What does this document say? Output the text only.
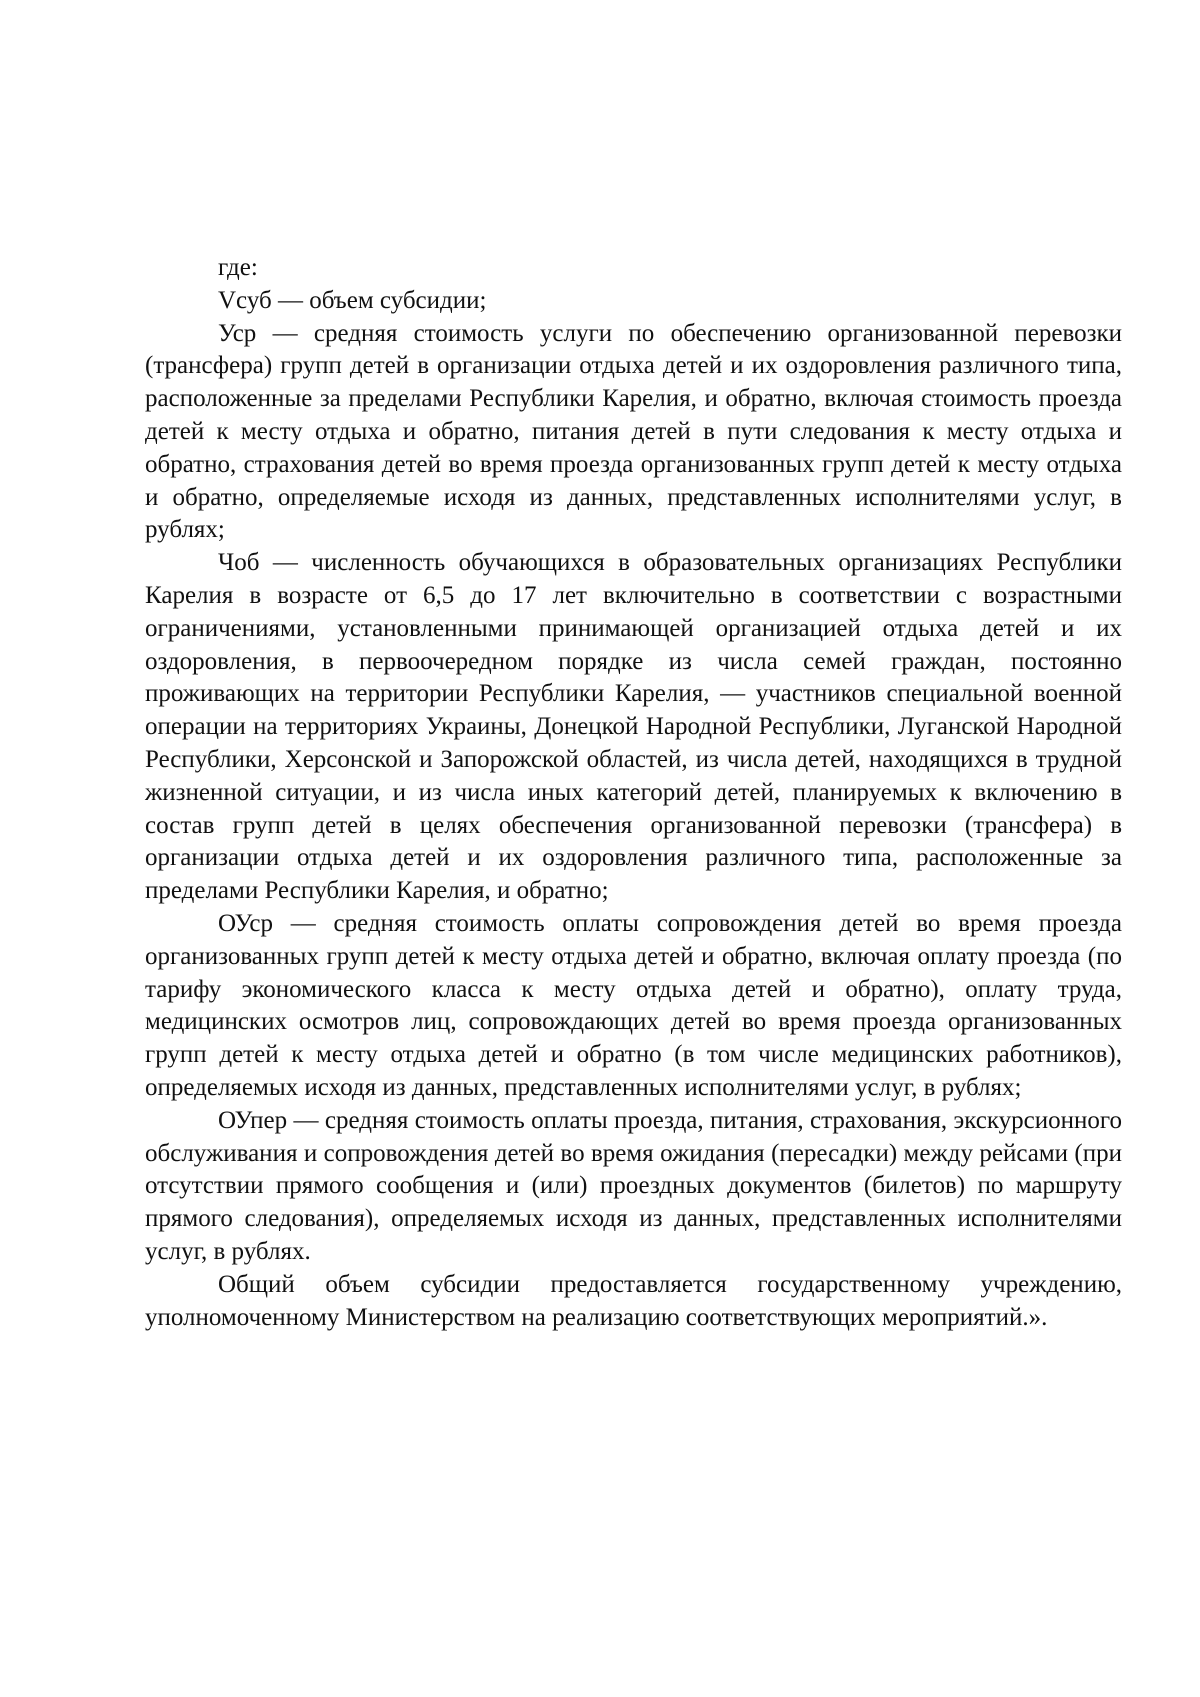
где:

Vсуб — объем субсидии;

Уср — средняя стоимость услуги по обеспечению организованной перевозки (трансфера) групп детей в организации отдыха детей и их оздоровления различного типа, расположенные за пределами Республики Карелия, и обратно, включая стоимость проезда детей к месту отдыха и обратно, питания детей в пути следования к месту отдыха и обратно, страхования детей во время проезда организованных групп детей к месту отдыха и обратно, определяемые исходя из данных, представленных исполнителями услуг, в рублях;

Чоб — численность обучающихся в образовательных организациях Республики Карелия в возрасте от 6,5 до 17 лет включительно в соответствии с возрастными ограничениями, установленными принимающей организацией отдыха детей и их оздоровления, в первоочередном порядке из числа семей граждан, постоянно проживающих на территории Республики Карелия, — участников специальной военной операции на территориях Украины, Донецкой Народной Республики, Луганской Народной Республики, Херсонской и Запорожской областей, из числа детей, находящихся в трудной жизненной ситуации, и из числа иных категорий детей, планируемых к включению в состав групп детей в целях обеспечения организованной перевозки (трансфера) в организации отдыха детей и их оздоровления различного типа, расположенные за пределами Республики Карелия, и обратно;

ОУср — средняя стоимость оплаты сопровождения детей во время проезда организованных групп детей к месту отдыха детей и обратно, включая оплату проезда (по тарифу экономического класса к месту отдыха детей и обратно), оплату труда, медицинских осмотров лиц, сопровождающих детей во время проезда организованных групп детей к месту отдыха детей и обратно (в том числе медицинских работников), определяемых исходя из данных, представленных исполнителями услуг, в рублях;

ОУпер — средняя стоимость оплаты проезда, питания, страхования, экскурсионного обслуживания и сопровождения детей во время ожидания (пересадки) между рейсами (при отсутствии прямого сообщения и (или) проездных документов (билетов) по маршруту прямого следования), определяемых исходя из данных, представленных исполнителями услуг, в рублях.

Общий объем субсидии предоставляется государственному учреждению, уполномоченному Министерством на реализацию соответствующих мероприятий.».
